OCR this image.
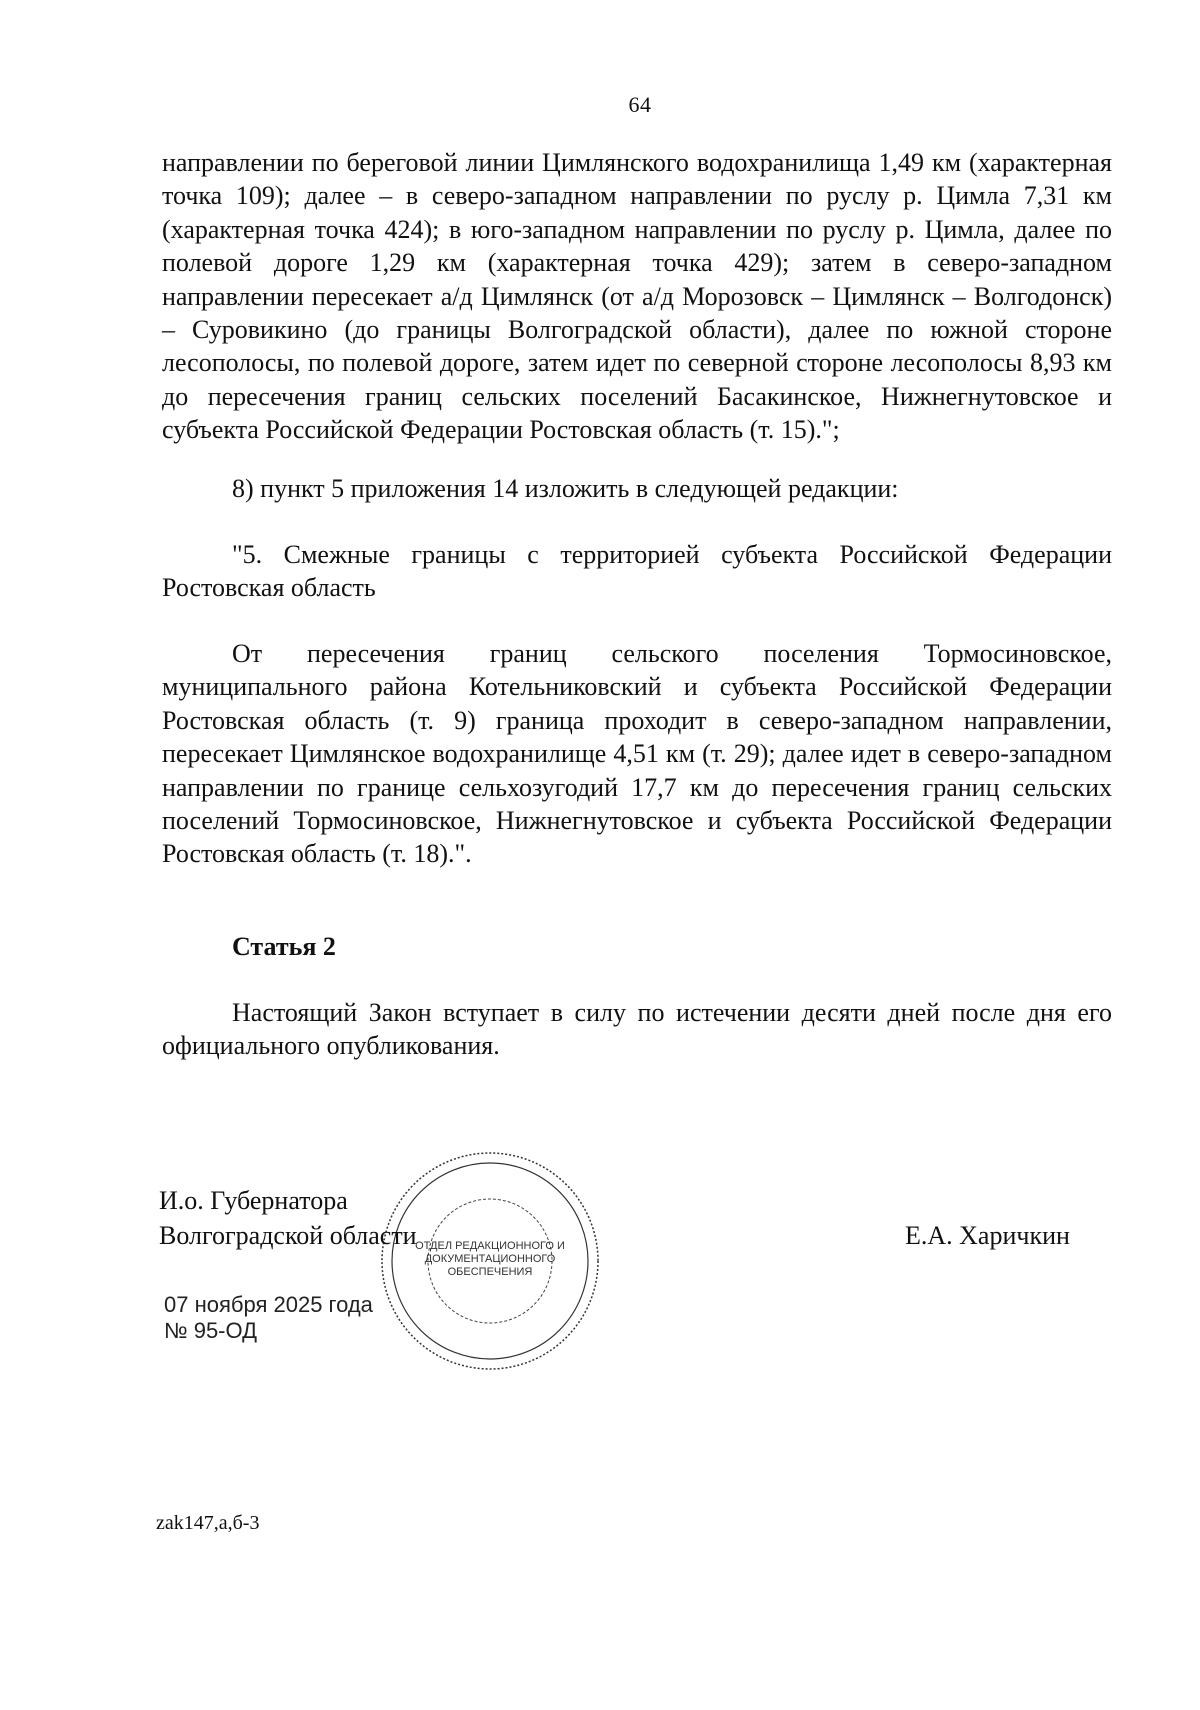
64

направлении по береговой линии Цимлянского водохранилища 1,49 км (характерная точка 109); далее – в северо-западном направлении по руслу р. Цимла 7,31 км (характерная точка 424); в юго-западном направлении по руслу р. Цимла, далее по полевой дороге 1,29 км (характерная точка 429); затем в северо-западном направлении пересекает а/д Цимлянск (от а/д Морозовск – Цимлянск – Волгодонск) – Суровикино (до границы Волгоградской области), далее по южной стороне лесополосы, по полевой дороге, затем идет по северной стороне лесополосы 8,93 км до пересечения границ сельских поселений Басакинское, Нижнегнутовское и субъекта Российской Федерации Ростовская область (т. 15).";

8) пункт 5 приложения 14 изложить в следующей редакции:

"5. Смежные границы с территорией субъекта Российской Федерации Ростовская область

От пересечения границ сельского поселения Тормосиновское, муниципального района Котельниковский и субъекта Российской Федерации Ростовская область (т. 9) граница проходит в северо-западном направлении, пересекает Цимлянское водохранилище 4,51 км (т. 29); далее идет в северо-западном направлении по границе сельхозугодий 17,7 км до пересечения границ сельских поселений Тормосиновское, Нижнегнутовское и субъекта Российской Федерации Ростовская область (т. 18).".

Статья 2

Настоящий Закон вступает в силу по истечении десяти дней после дня его официального опубликования.

ОТДЕЛ РЕДАКЦИОННОГО И ДОКУМЕНТАЦИОННОГО ОБЕСПЕЧЕНИЯ
И.о. Губернатора
Волгоградской области	Е.А. Харичкин
07 ноября 2025 года
№ 95-ОД
zak147,а,б-3
